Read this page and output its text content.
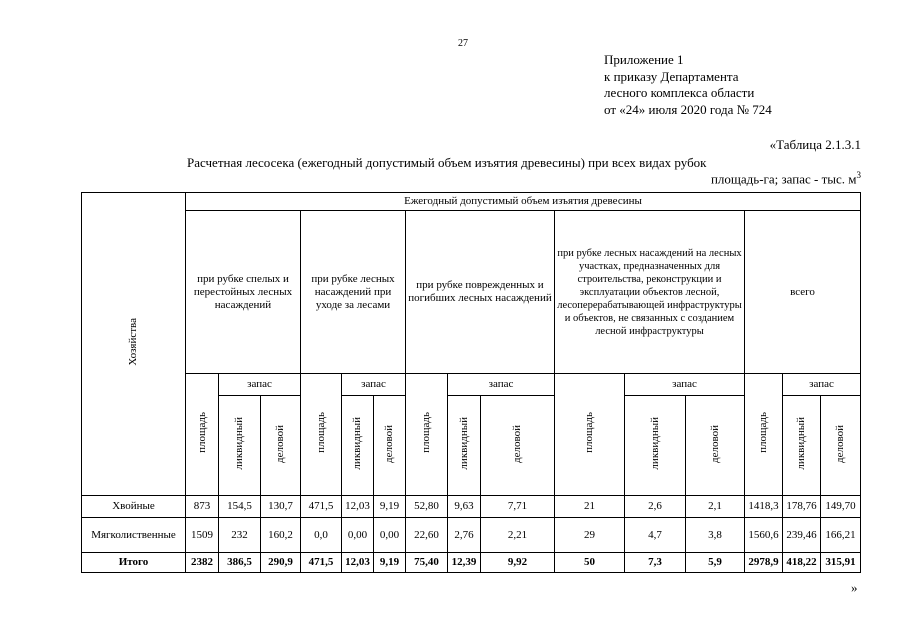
27
Приложение 1
к приказу Департамента
лесного комплекса области
от «24» июля 2020 года № 724
«Таблица 2.1.3.1
Расчетная лесосека (ежегодный допустимый объем изъятия древесины) при всех видах рубок
площадь-га; запас - тыс. $м^3$
Хозяйства	Ежегодный допустимый объем изъятия древесины														
	при рубке спелых и перестойных лесных насаждений			при рубке лесных насаждений при уходе за лесами			при рубке поврежденных и погибших лесных насаждений			при рубке лесных насаждений на лесных участках, предназначенных для строительства, реконструкции и эксплуатации объектов лесной, лесоперерабатывающей инфраструктуры и объектов, не связанных с созданием лесной инфраструктуры			всего		
	площадь	запас		площадь	запас		площадь	запас		площадь	запас		площадь	запас	
		ликвидный	деловой		ликвидный	деловой		ликвидный	деловой		ликвидный	деловой		ликвидный	деловой
Хвойные	873	154,5	130,7	471,5	12,03	9,19	52,80	9,63	7,71	21	2,6	2,1	1418,3	178,76	149,70
Мягколиственные	1509	232	160,2	0,0	0,00	0,00	22,60	2,76	2,21	29	4,7	3,8	1560,6	239,46	166,21
Итого	2382	386,5	290,9	471,5	12,03	9,19	75,40	12,39	9,92	50	7,3	5,9	2978,9	418,22	315,91
»
